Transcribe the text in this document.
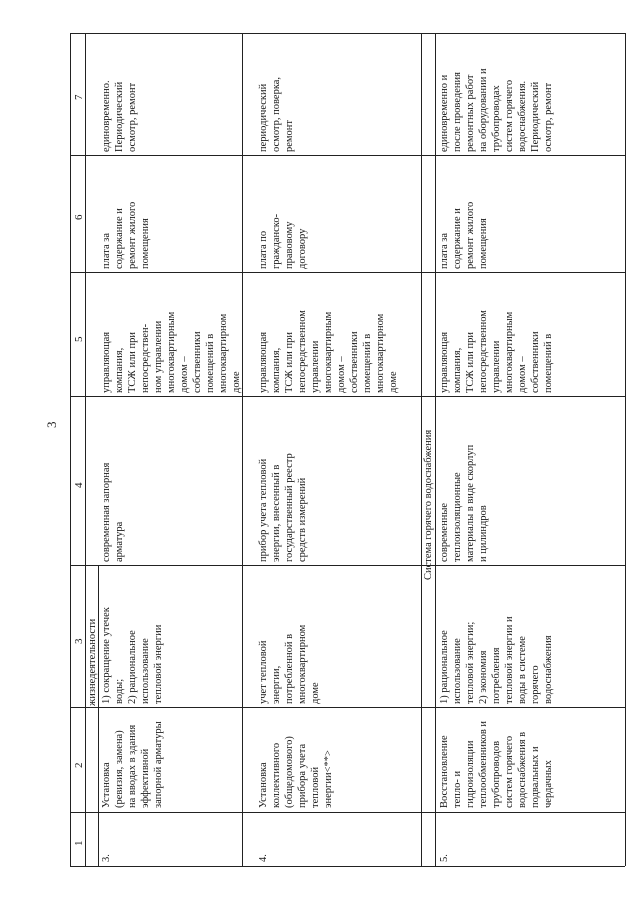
3
1
2
3
4
5
6
7
жизнедеятельности
3.
Установка
(ревизия, замена)
на вводах в здания
эффективной
запорной арматуры
1) сокращение утечек
воды;
2) рациональное
использование
тепловой энергии
современная запорная
арматура
управляющая
компания,
ТСЖ или при
непосредствен-
ном управлении
многоквартирным
домом –
собственники
помещений в
многоквартирном
доме
плата за
содержание и
ремонт жилого
помещения
единовременно.
Периодический
осмотр, ремонт
4.
Установка
коллективного
(общедомового)
прибора учета
тепловой
энергии<**>
учет тепловой
энергии,
потребленной в
многоквартирном
доме
прибор учета тепловой
энергии, внесенный в
государственный реестр
средств измерений
управляющая
компания,
ТСЖ или при
непосредственном
управлении
многоквартирным
домом –
собственники
помещений в
многоквартирном
доме
плата по
гражданско-
правовому
договору
периодический
осмотр, поверка,
ремонт
Система горячего водоснабжения
5.
Восстановление
тепло- и
гидроизоляции
теплообменников и
трубопроводов
систем горячего
водоснабжения в
подвальных и
чердачных
1) рациональное
использование
тепловой энергии;
2) экономия
потребления
тепловой энергии и
воды в системе
горячего
водоснабжения
современные
теплоизоляционные
материалы в виде скорлуп
и цилиндров
управляющая
компания,
ТСЖ или при
непосредственном
управлении
многоквартирным
домом –
собственники
помещений в
плата за
содержание и
ремонт жилого
помещения
единовременно и
после проведения
ремонтных работ
на оборудовании и
трубопроводах
систем горячего
водоснабжения.
Периодический
осмотр, ремонт
